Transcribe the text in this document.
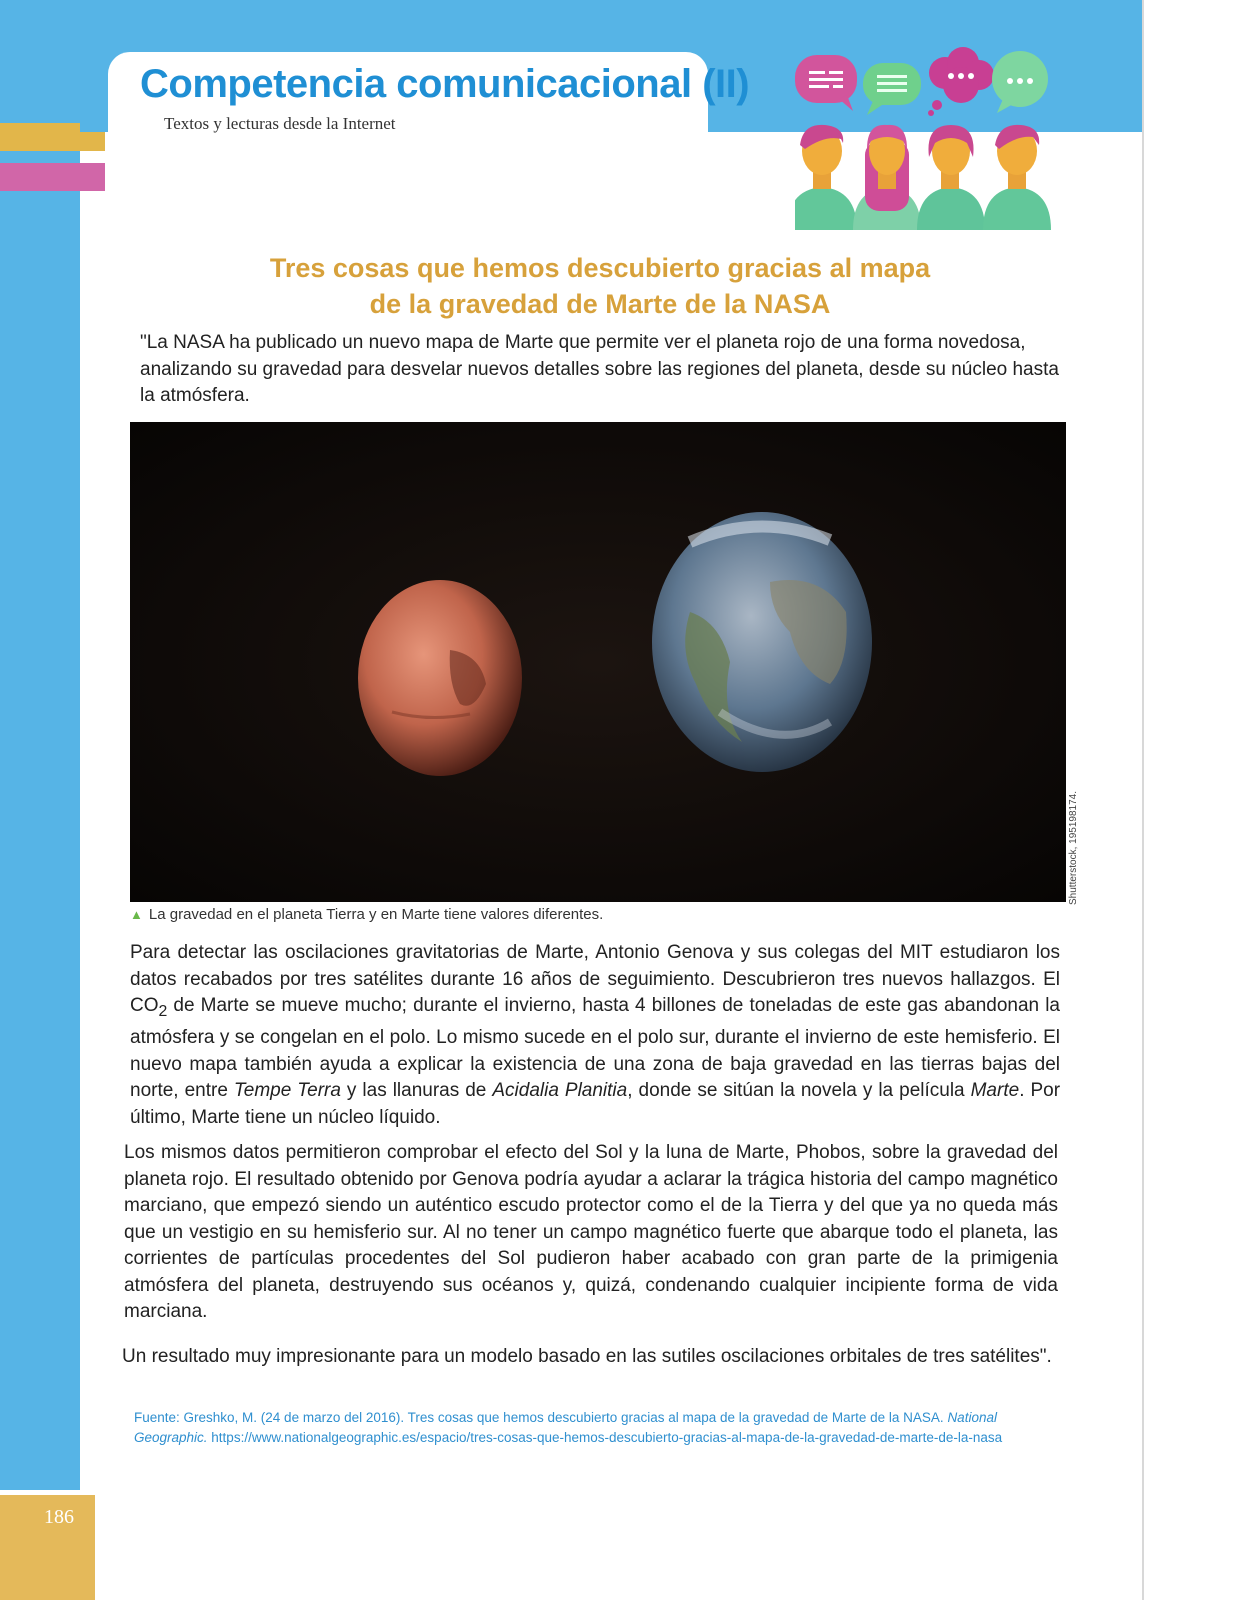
186
Competencia comunicacional (II)
Textos y lecturas desde la Internet
Tres cosas que hemos descubierto gracias al mapa
de la gravedad de Marte de la NASA

"La NASA ha publicado un nuevo mapa de Marte que permite ver el planeta rojo de una forma novedosa, analizando su gravedad para desvelar nuevos detalles sobre las regiones del planeta, desde su núcleo hasta la atmósfera.

Shutterstock, 195198174.
▲ La gravedad en el planeta Tierra y en Marte tiene valores diferentes.

Para detectar las oscilaciones gravitatorias de Marte, Antonio Genova y sus colegas del MIT estudiaron los datos recabados por tres satélites durante 16 años de seguimiento. Descubrieron tres nuevos hallazgos. El $CO_2$ de Marte se mueve mucho; durante el invierno, hasta 4 billones de toneladas de este gas abandonan la atmósfera y se congelan en el polo. Lo mismo sucede en el polo sur, durante el invierno de este hemisferio. El nuevo mapa también ayuda a explicar la existencia de una zona de baja gravedad en las tierras bajas del norte, entre Tempe Terra y las llanuras de Acidalia Planitia, donde se sitúan la novela y la película Marte. Por último, Marte tiene un núcleo líquido.

Los mismos datos permitieron comprobar el efecto del Sol y la luna de Marte, Phobos, sobre la gravedad del planeta rojo. El resultado obtenido por Genova podría ayudar a aclarar la trágica historia del campo magnético marciano, que empezó siendo un auténtico escudo protector como el de la Tierra y del que ya no queda más que un vestigio en su hemisferio sur. Al no tener un campo magnético fuerte que abarque todo el planeta, las corrientes de partículas procedentes del Sol pudieron haber acabado con gran parte de la primigenia atmósfera del planeta, destruyendo sus océanos y, quizá, condenando cualquier incipiente forma de vida marciana.

Un resultado muy impresionante para un modelo basado en las sutiles oscilaciones orbitales de tres satélites".

Fuente: Greshko, M. (24 de marzo del 2016). Tres cosas que hemos descubierto gracias al mapa de la gravedad de Marte de la NASA. National Geographic. https://www.nationalgeographic.es/espacio/tres-cosas-que-hemos-descubierto-gracias-al-mapa-de-la-gravedad-de-marte-de-la-nasa
